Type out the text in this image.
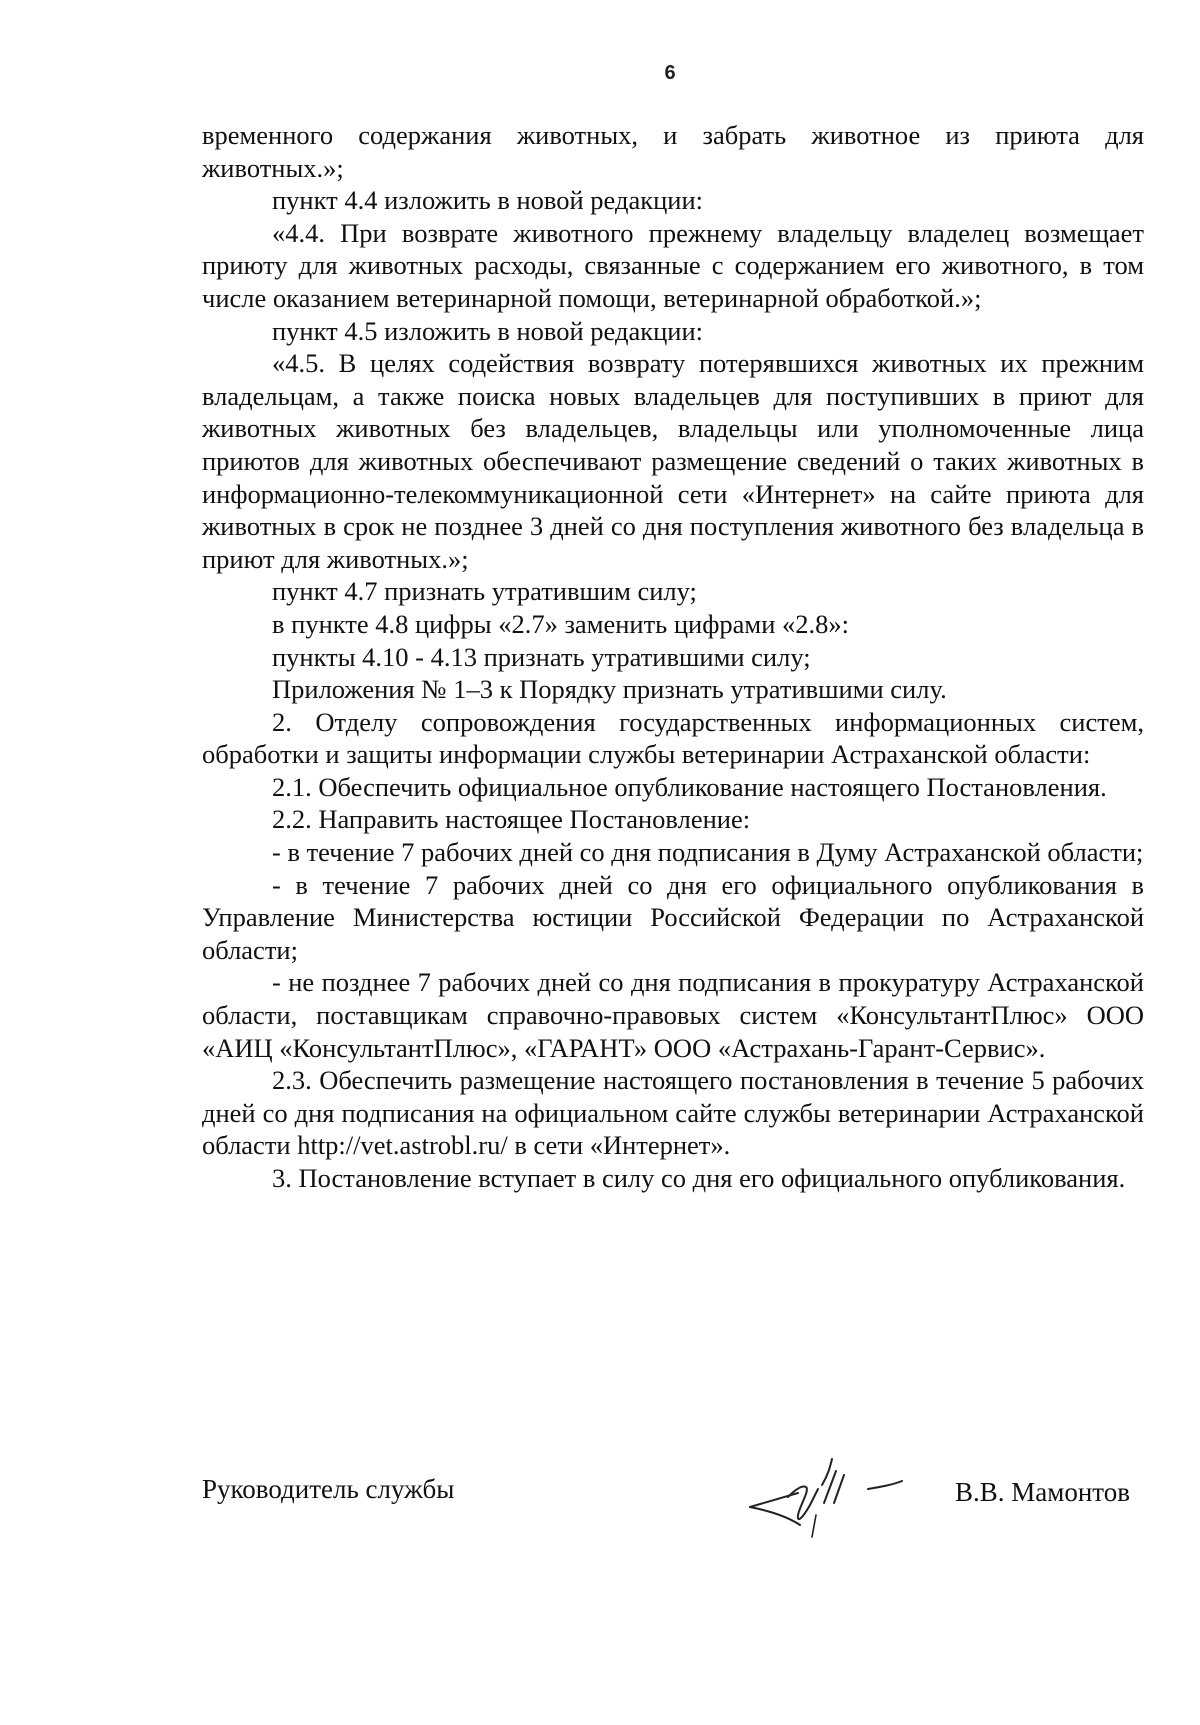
6

временного содержания животных, и забрать животное из приюта для животных.»;

пункт 4.4 изложить в новой редакции:

«4.4. При возврате животного прежнему владельцу владелец возмещает приюту для животных расходы, связанные с содержанием его животного, в том числе оказанием ветеринарной помощи, ветеринарной обработкой.»;

пункт 4.5 изложить в новой редакции:

«4.5. В целях содействия возврату потерявшихся животных их прежним владельцам, а также поиска новых владельцев для поступивших в приют для животных животных без владельцев, владельцы или уполномоченные лица приютов для животных обеспечивают размещение сведений о таких животных в информационно-телекоммуникационной сети «Интернет» на сайте приюта для животных в срок не позднее 3 дней со дня поступления животного без владельца в приют для животных.»;

пункт 4.7 признать утратившим силу;

в пункте 4.8 цифры «2.7» заменить цифрами «2.8»:

пункты 4.10 - 4.13 признать утратившими силу;

Приложения № 1–3 к Порядку признать утратившими силу.

2. Отделу сопровождения государственных информационных систем, обработки и защиты информации службы ветеринарии Астраханской области:

2.1. Обеспечить официальное опубликование настоящего Постановления.

2.2. Направить настоящее Постановление:

- в течение 7 рабочих дней со дня подписания в Думу Астраханской области;

- в течение 7 рабочих дней со дня его официального опубликования в Управление Министерства юстиции Российской Федерации по Астраханской области;

- не позднее 7 рабочих дней со дня подписания в прокуратуру Астраханской области, поставщикам справочно-правовых систем «КонсультантПлюс» ООО «АИЦ «КонсультантПлюс», «ГАРАНТ» ООО «Астрахань-Гарант-Сервис».

2.3. Обеспечить размещение настоящего постановления в течение 5 рабочих дней со дня подписания на официальном сайте службы ветеринарии Астраханской области http://vet.astrobl.ru/ в сети «Интернет».

3. Постановление вступает в силу со дня его официального опубликования.

Руководитель службы	В.В. Мамонтов
